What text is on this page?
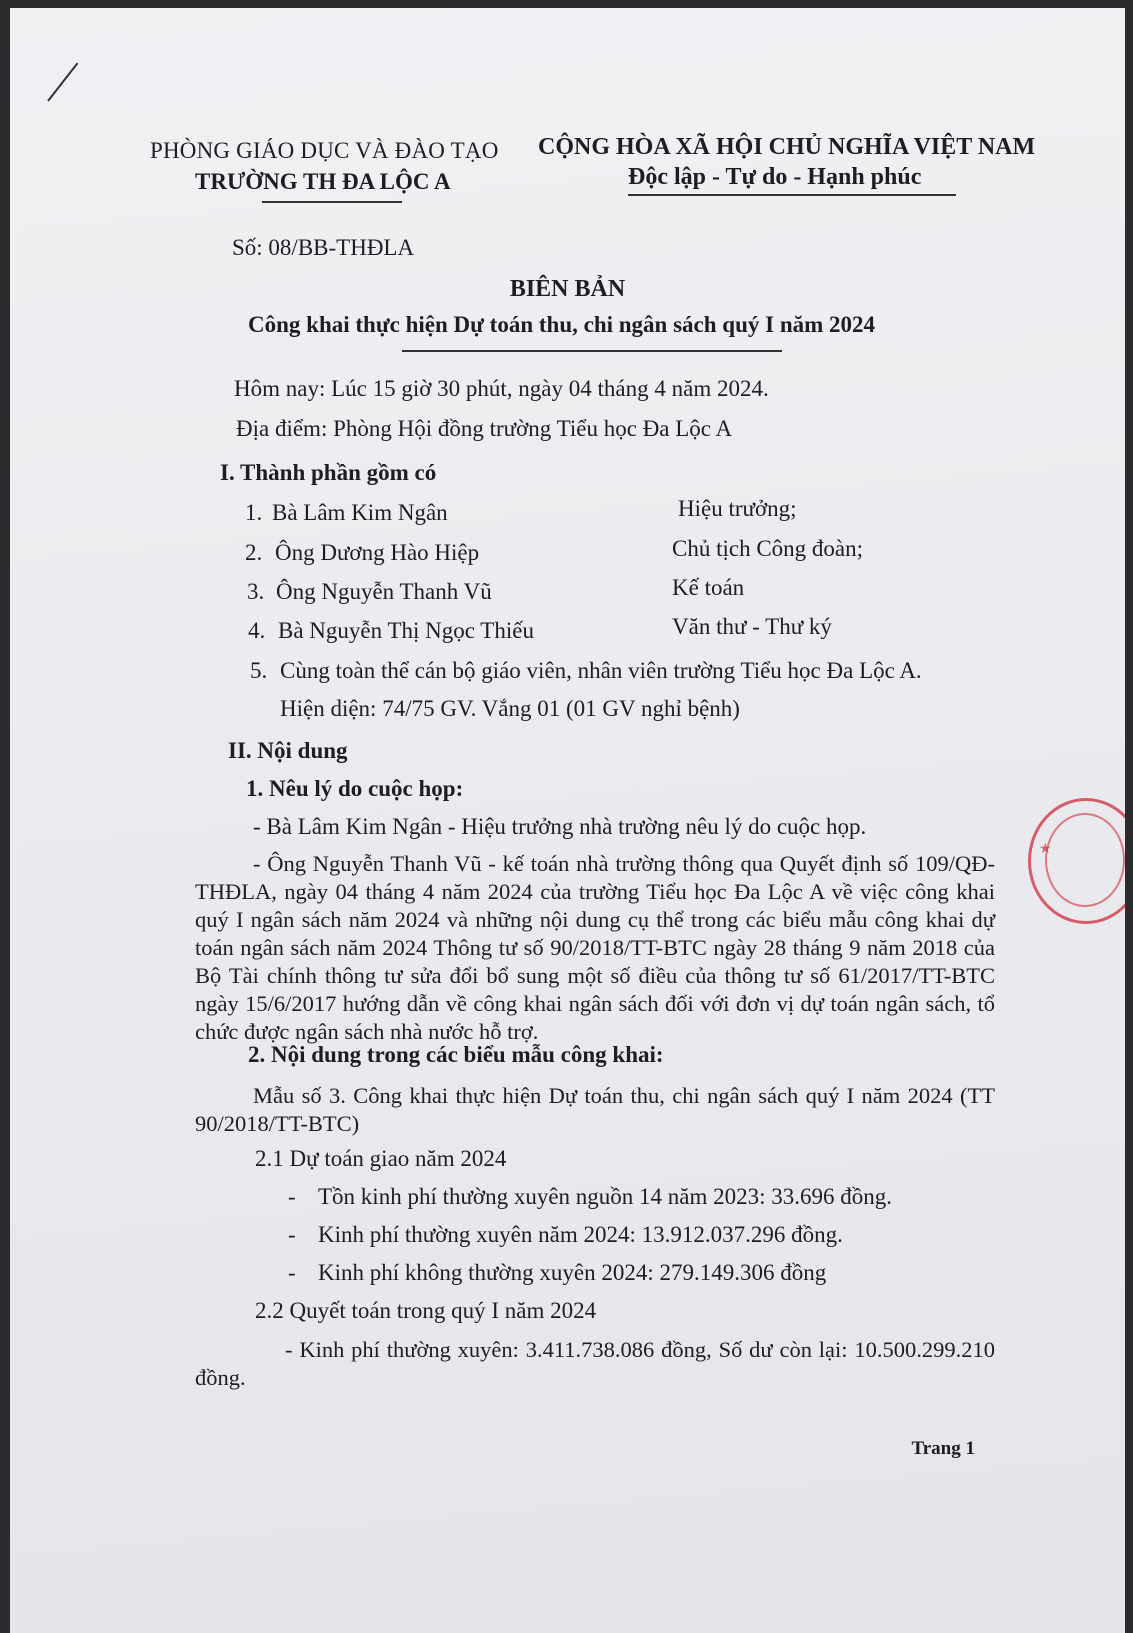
PHÒNG GIÁO DỤC VÀ ĐÀO TẠO
TRƯỜNG TH ĐA LỘC A
CỘNG HÒA XÃ HỘI CHỦ NGHĨA VIỆT NAM
Độc lập - Tự do - Hạnh phúc
Số: 08/BB-THĐLA
BIÊN BẢN
Công khai thực hiện Dự toán thu, chi ngân sách quý I năm 2024
Hôm nay: Lúc 15 giờ 30 phút, ngày 04 tháng 4 năm 2024.
Địa điểm: Phòng Hội đồng trường Tiểu học Đa Lộc A
I. Thành phần gồm có
1. Bà Lâm Kim Ngân	Hiệu trưởng;
2. Ông Dương Hào Hiệp	Chủ tịch Công đoàn;
3. Ông Nguyễn Thanh Vũ	Kế toán
4. Bà Nguyễn Thị Ngọc Thiếu	Văn thư - Thư ký
5. Cùng toàn thể cán bộ giáo viên, nhân viên trường Tiểu học Đa Lộc A.
Hiện diện: 74/75 GV. Vắng 01 (01 GV nghỉ bệnh)
II. Nội dung
1. Nêu lý do cuộc họp:
- Bà Lâm Kim Ngân - Hiệu trưởng nhà trường nêu lý do cuộc họp.
- Ông Nguyễn Thanh Vũ - kế toán nhà trường thông qua Quyết định số 109/QĐ-THĐLA, ngày 04 tháng 4 năm 2024 của trường Tiểu học Đa Lộc A về việc công khai quý I ngân sách năm 2024 và những nội dung cụ thể trong các biểu mẫu công khai dự toán ngân sách năm 2024 Thông tư số 90/2018/TT-BTC ngày 28 tháng 9 năm 2018 của Bộ Tài chính thông tư sửa đổi bổ sung một số điều của thông tư số 61/2017/TT-BTC ngày 15/6/2017 hướng dẫn về công khai ngân sách đối với đơn vị dự toán ngân sách, tổ chức được ngân sách nhà nước hỗ trợ.
2. Nội dung trong các biểu mẫu công khai:
Mẫu số 3. Công khai thực hiện Dự toán thu, chi ngân sách quý I năm 2024 (TT 90/2018/TT-BTC)
2.1 Dự toán giao năm 2024
- Tồn kinh phí thường xuyên nguồn 14 năm 2023: 33.696 đồng.
- Kinh phí thường xuyên năm 2024: 13.912.037.296 đồng.
- Kinh phí không thường xuyên 2024: 279.149.306 đồng
2.2 Quyết toán trong quý I năm 2024
- Kinh phí thường xuyên: 3.411.738.086 đồng, Số dư còn lại: 10.500.299.210 đồng.
Trang 1
★
